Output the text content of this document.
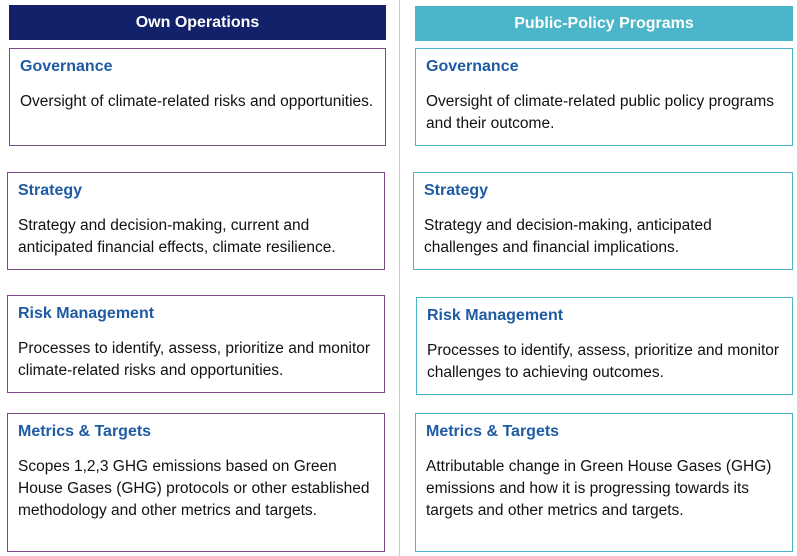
Own Operations

Governance

Oversight of climate-related risks and opportunities.

Strategy

Strategy and decision-making, current and anticipated financial effects, climate resilience.

Risk Management

Processes to identify, assess, prioritize and monitor climate-related risks and opportunities.

Metrics & Targets

Scopes 1,2,3 GHG emissions based on Green House Gases (GHG) protocols or other established methodology and other metrics and targets.

Public-Policy Programs

Governance

Oversight of climate-related public policy programs and their outcome.

Strategy

Strategy and decision-making, anticipated challenges and financial implications.

Risk Management

Processes to identify, assess, prioritize and monitor challenges to achieving outcomes.

Metrics & Targets

Attributable change in Green House Gases (GHG) emissions and how it is progressing towards its targets and other metrics and targets.
